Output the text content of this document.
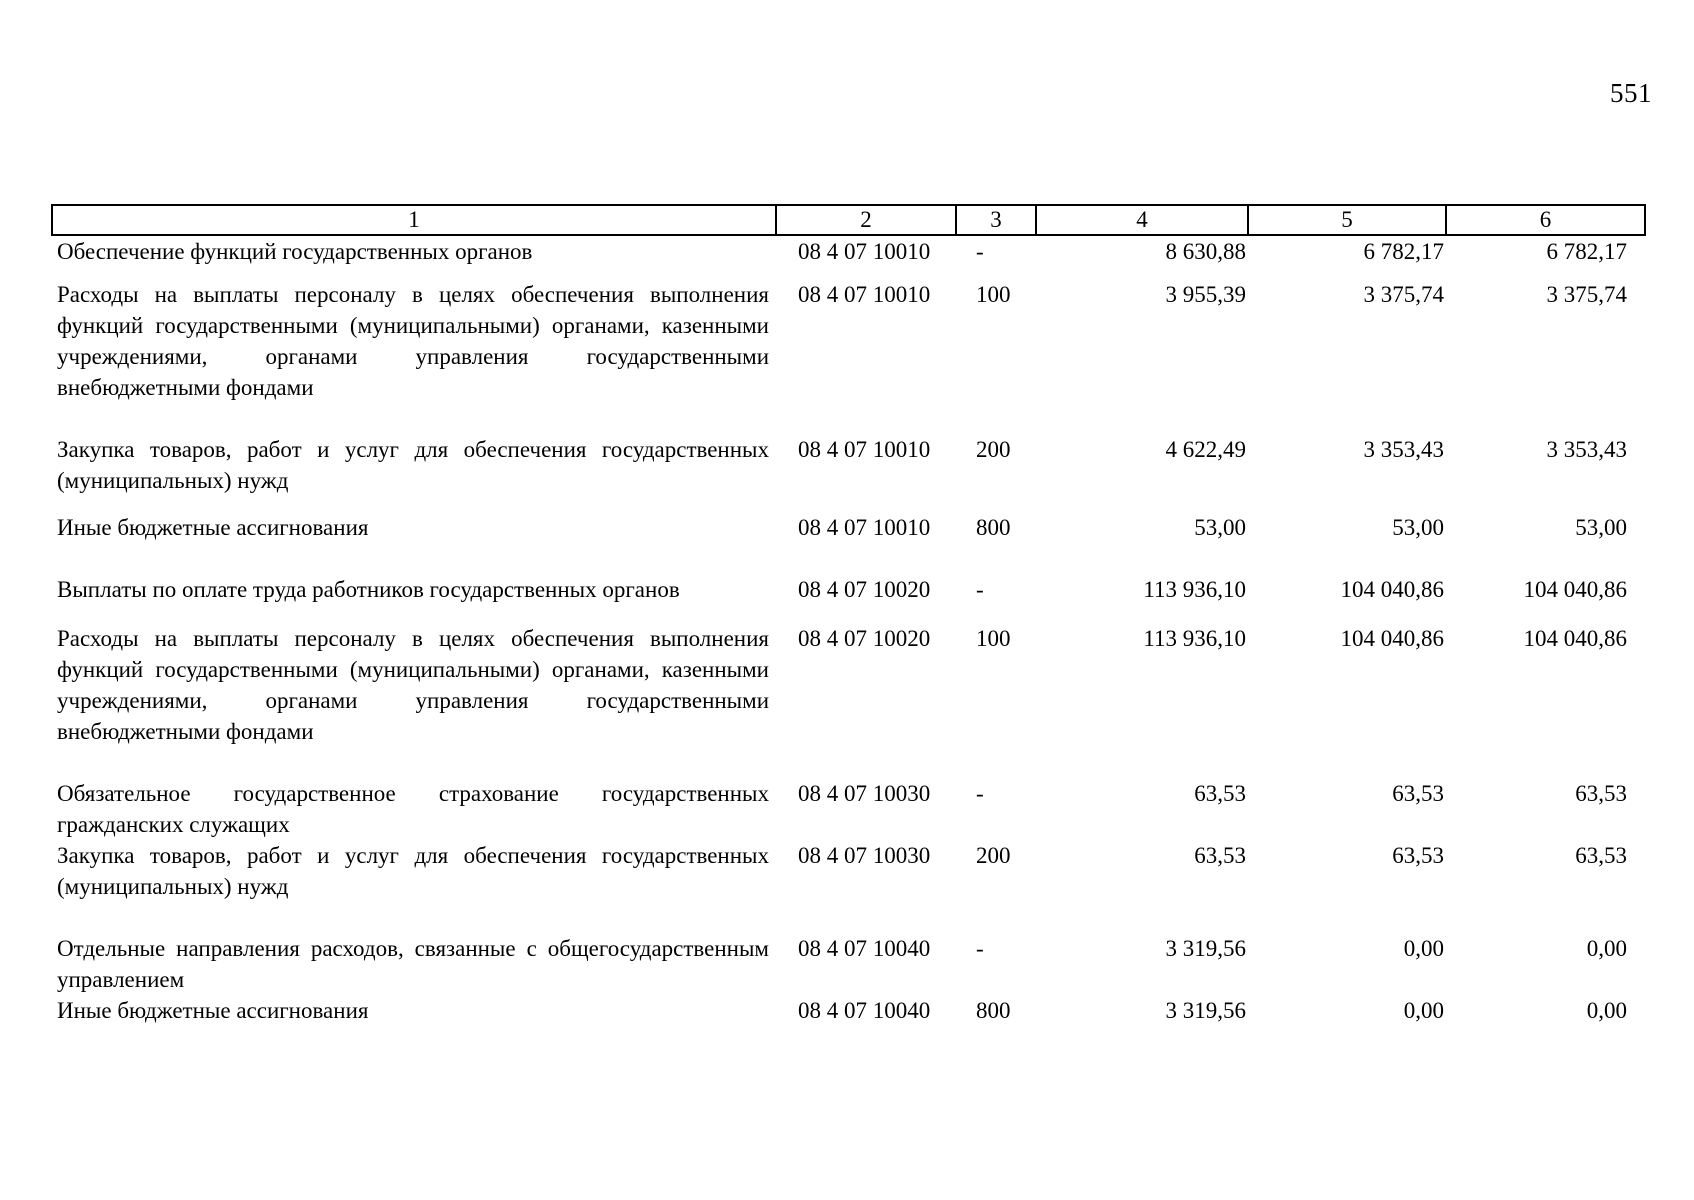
551
1	2	3	4	5	6
Обеспечение функций государственных органов	08 4 07 10010	-	8 630,88	6 782,17	6 782,17
Расходы на выплаты персоналу в целях обеспечения выполнения функций государственными (муниципальными) органами, казенными учреждениями, органами управления государственными внебюджетными фондами	08 4 07 10010	100	3 955,39	3 375,74	3 375,74
Закупка товаров, работ и услуг для обеспечения государственных (муниципальных) нужд	08 4 07 10010	200	4 622,49	3 353,43	3 353,43
Иные бюджетные ассигнования	08 4 07 10010	800	53,00	53,00	53,00
Выплаты по оплате труда работников государственных органов	08 4 07 10020	-	113 936,10	104 040,86	104 040,86
Расходы на выплаты персоналу в целях обеспечения выполнения функций государственными (муниципальными) органами, казенными учреждениями, органами управления государственными внебюджетными фондами	08 4 07 10020	100	113 936,10	104 040,86	104 040,86
Обязательное государственное страхование государственных гражданских служащих	08 4 07 10030	-	63,53	63,53	63,53
Закупка товаров, работ и услуг для обеспечения государственных (муниципальных) нужд	08 4 07 10030	200	63,53	63,53	63,53
Отдельные направления расходов, связанные с общегосударственным управлением	08 4 07 10040	-	3 319,56	0,00	0,00
Иные бюджетные ассигнования	08 4 07 10040	800	3 319,56	0,00	0,00
